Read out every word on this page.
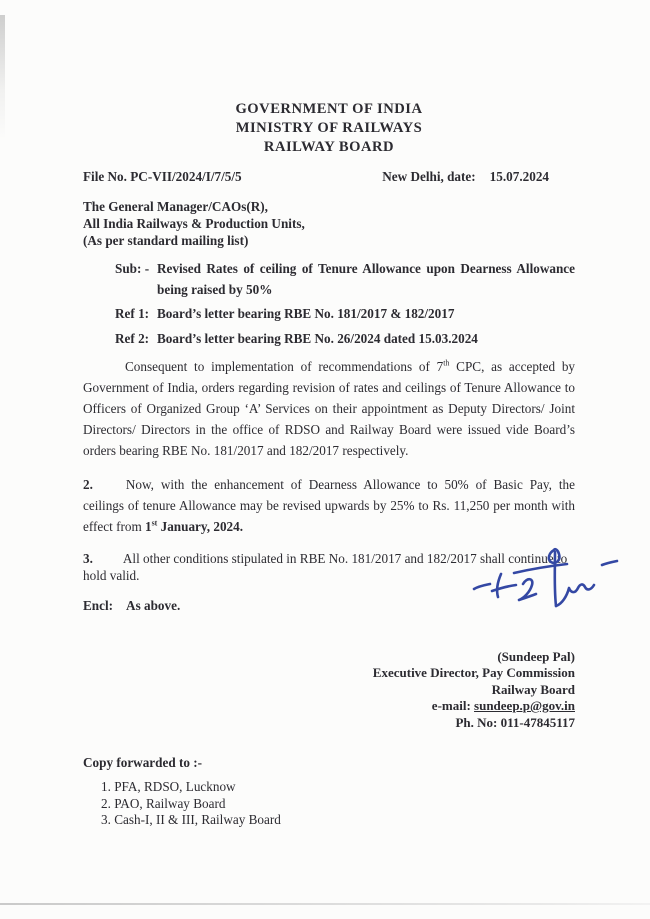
GOVERNMENT OF INDIA
MINISTRY OF RAILWAYS
RAILWAY BOARD
File No. PC-VII/2024/I/7/5/5	New Delhi, date: 15.07.2024
The General Manager/CAOs(R),
All India Railways & Production Units,
(As per standard mailing list)
Sub: - Revised Rates of ceiling of Tenure Allowance upon Dearness Allowance being raised by 50%
Ref 1: Board’s letter bearing RBE No. 181/2017 & 182/2017
Ref 2: Board’s letter bearing RBE No. 26/2024 dated 15.03.2024

Consequent to implementation of recommendations of 7th CPC, as accepted by Government of India, orders regarding revision of rates and ceilings of Tenure Allowance to Officers of Organized Group ‘A’ Services on their appointment as Deputy Directors/ Joint Directors/ Directors in the office of RDSO and Railway Board were issued vide Board’s orders bearing RBE No. 181/2017 and 182/2017 respectively.

2.	Now, with the enhancement of Dearness Allowance to 50% of Basic Pay, the ceilings of tenure Allowance may be revised upwards by 25% to Rs. 11,250 per month with effect from 1st January, 2024.

3. All other conditions stipulated in RBE No. 181/2017 and 182/2017 shall continue to hold valid.

Encl: As above.
(Sundeep Pal)
Executive Director, Pay Commission
Railway Board
e-mail: sundeep.p@gov.in
Ph. No: 011-47845117
Copy forwarded to :-
1. PFA, RDSO, Lucknow
2. PAO, Railway Board
3. Cash-I, II & III, Railway Board
